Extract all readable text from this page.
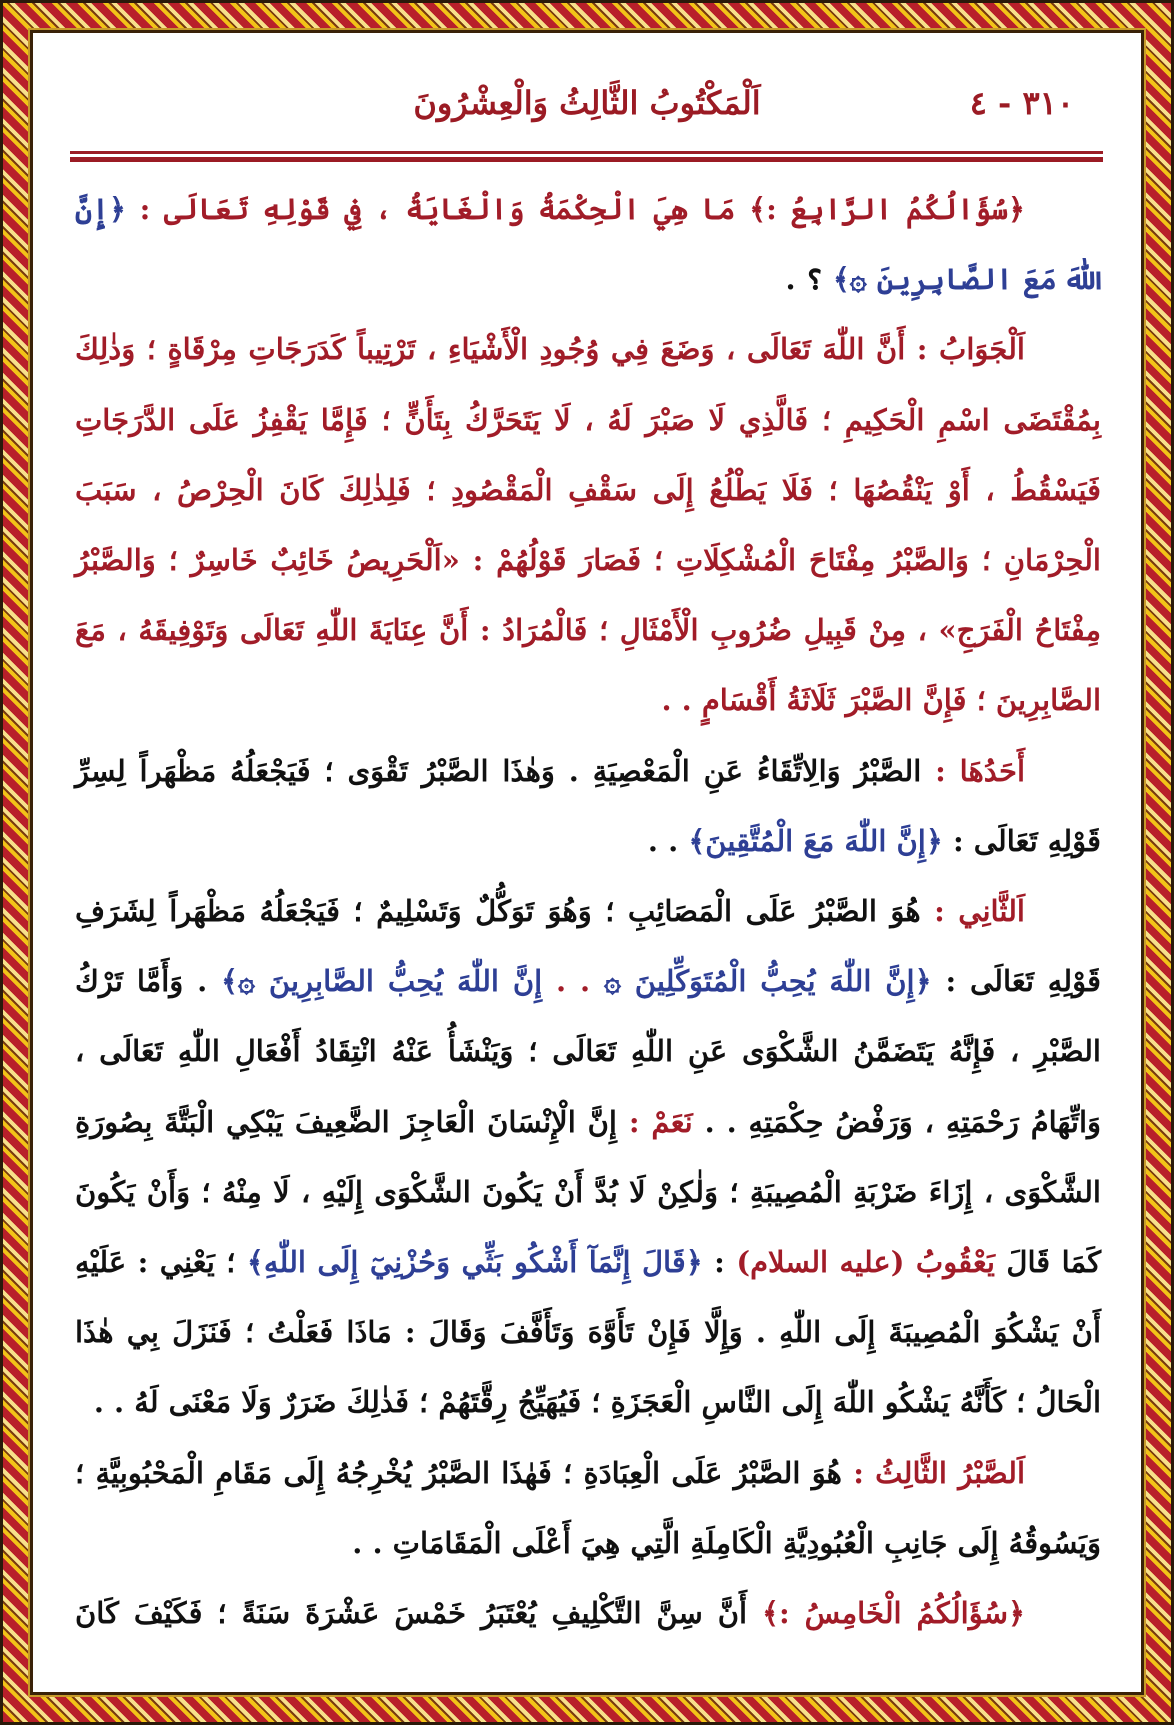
٣١٠ - ٤
اَلْمَكْتُوبُ الثَّالِثُ وَالْعِشْرُونَ

﴿سُؤَالُكُمُ الرَّابِعُ :﴾ مَا هِيَ الْحِكْمَةُ وَالْغَايَةُ ، فِي قَوْلِهِ تَعَالَى : ﴿إِنَّ اللّٰهَ مَعَ الصَّابِرِينَ ۞﴾ ؟ .

اَلْجَوَابُ : أَنَّ اللّٰهَ تَعَالَى ، وَضَعَ فِي وُجُودِ الْأَشْيَاءِ ، تَرْتِيباً كَدَرَجَاتِ مِرْقَاةٍ ؛ وَذٰلِكَ بِمُقْتَضَى اسْمِ الْحَكِيمِ ؛ فَالَّذِي لَا صَبْرَ لَهُ ، لَا يَتَحَرَّكُ بِتَأَنٍّ ؛ فَإِمَّا يَقْفِزُ عَلَى الدَّرَجَاتِ فَيَسْقُطُ ، أَوْ يَنْقُصُهَا ؛ فَلَا يَطْلُعُ إِلَى سَقْفِ الْمَقْصُودِ ؛ فَلِذٰلِكَ كَانَ الْحِرْصُ ، سَبَبَ الْحِرْمَانِ ؛ وَالصَّبْرُ مِفْتَاحَ الْمُشْكِلَاتِ ؛ فَصَارَ قَوْلُهُمْ : «اَلْحَرِيصُ خَائِبٌ خَاسِرٌ ؛ وَالصَّبْرُ مِفْتَاحُ الْفَرَجِ» ، مِنْ قَبِيلِ ضُرُوبِ الْأَمْثَالِ ؛ فَالْمُرَادُ : أَنَّ عِنَايَةَ اللّٰهِ تَعَالَى وَتَوْفِيقَهُ ، مَعَ الصَّابِرِينَ ؛ فَإِنَّ الصَّبْرَ ثَلَاثَةُ أَقْسَامٍ . .

أَحَدُهَا : الصَّبْرُ وَالِاتِّقَاءُ عَنِ الْمَعْصِيَةِ . وَهٰذَا الصَّبْرُ تَقْوَى ؛ فَيَجْعَلُهُ مَظْهَراً لِسِرِّ قَوْلِهِ تَعَالَى : ﴿إِنَّ اللّٰهَ مَعَ الْمُتَّقِينَ﴾ . .

اَلثَّانِي : هُوَ الصَّبْرُ عَلَى الْمَصَائِبِ ؛ وَهُوَ تَوَكُّلٌ وَتَسْلِيمٌ ؛ فَيَجْعَلُهُ مَظْهَراً لِشَرَفِ قَوْلِهِ تَعَالَى : ﴿إِنَّ اللّٰهَ يُحِبُّ الْمُتَوَكِّلِينَ ۞ . . إِنَّ اللّٰهَ يُحِبُّ الصَّابِرِينَ ۞﴾ . وَأَمَّا تَرْكُ الصَّبْرِ ، فَإِنَّهُ يَتَضَمَّنُ الشَّكْوَى عَنِ اللّٰهِ تَعَالَى ؛ وَيَنْشَأُ عَنْهُ انْتِقَادُ أَفْعَالِ اللّٰهِ تَعَالَى ، وَاتِّهَامُ رَحْمَتِهِ ، وَرَفْضُ حِكْمَتِهِ . . نَعَمْ : إِنَّ الْإِنْسَانَ الْعَاجِزَ الضَّعِيفَ يَبْكِي الْبَتَّةَ بِصُورَةِ الشَّكْوَى ، إِزَاءَ ضَرْبَةِ الْمُصِيبَةِ ؛ وَلٰكِنْ لَا بُدَّ أَنْ يَكُونَ الشَّكْوَى إِلَيْهِ ، لَا مِنْهُ ؛ وَأَنْ يَكُونَ كَمَا قَالَ يَعْقُوبُ (عليه السلام) : ﴿قَالَ إِنَّمَآ أَشْكُو بَثِّي وَحُزْنِيٓ إِلَى اللّٰهِ﴾ ؛ يَعْنِي : عَلَيْهِ أَنْ يَشْكُوَ الْمُصِيبَةَ إِلَى اللّٰهِ . وَإِلَّا فَإِنْ تَأَوَّهَ وَتَأَفَّفَ وَقَالَ : مَاذَا فَعَلْتُ ؛ فَنَزَلَ بِي هٰذَا الْحَالُ ؛ كَأَنَّهُ يَشْكُو اللّٰهَ إِلَى النَّاسِ الْعَجَزَةِ ؛ فَيُهَيِّجُ رِقَّتَهُمْ ؛ فَذٰلِكَ ضَرَرٌ وَلَا مَعْنَى لَهُ . .

اَلصَّبْرُ الثَّالِثُ : هُوَ الصَّبْرُ عَلَى الْعِبَادَةِ ؛ فَهٰذَا الصَّبْرُ يُخْرِجُهُ إِلَى مَقَامِ الْمَحْبُوبِيَّةِ ؛ وَيَسُوقُهُ إِلَى جَانِبِ الْعُبُودِيَّةِ الْكَامِلَةِ الَّتِي هِيَ أَعْلَى الْمَقَامَاتِ . .

﴿سُؤَالُكُمُ الْخَامِسُ :﴾ أَنَّ سِنَّ التَّكْلِيفِ يُعْتَبَرُ خَمْسَ عَشْرَةَ سَنَةً ؛ فَكَيْفَ كَانَ
